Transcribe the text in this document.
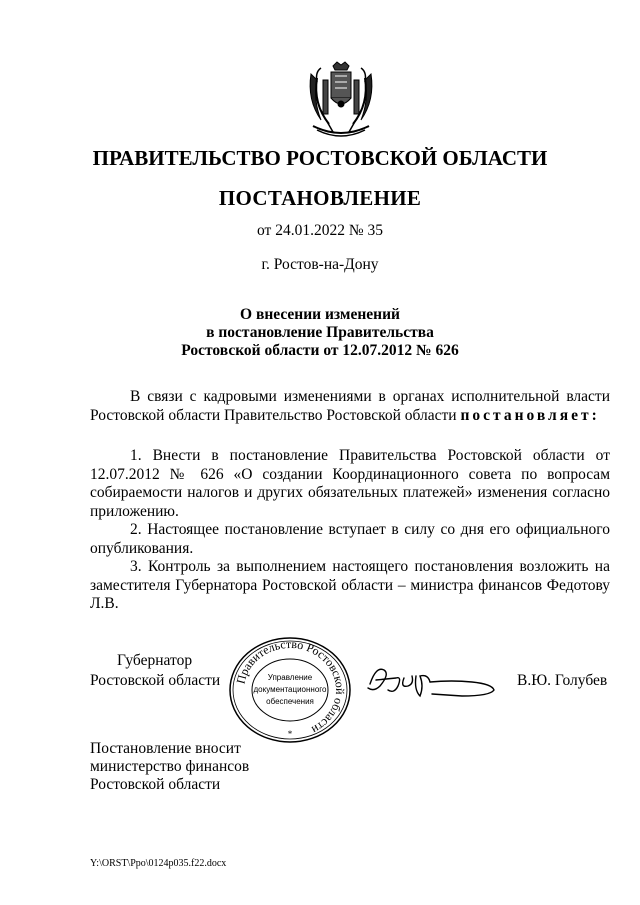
ПРАВИТЕЛЬСТВО РОСТОВСКОЙ ОБЛАСТИ
ПОСТАНОВЛЕНИЕ
от 24.01.2022 № 35
г. Ростов-на-Дону
О внесении изменений
в постановление Правительства
Ростовской области от 12.07.2012 № 626
В связи с кадровыми изменениями в органах исполнительной власти Ростовской области Правительство Ростовской области постановляет:
1. Внести в постановление Правительства Ростовской области от 12.07.2012 № 626 «О создании Координационного совета по вопросам собираемости налогов и других обязательных платежей» изменения согласно приложению.
2. Настоящее постановление вступает в силу со дня его официального опубликования.
3. Контроль за выполнением настоящего постановления возложить на заместителя Губернатора Ростовской области – министра финансов Федотову Л.В.
Губернатор
Ростовской области	В.Ю. Голубев
Правительство Ростовской области
Управление
документационного
обеспечения
*
Постановление вносит
министерство финансов
Ростовской области
Y:\ORST\Ppo\0124p035.f22.docx
